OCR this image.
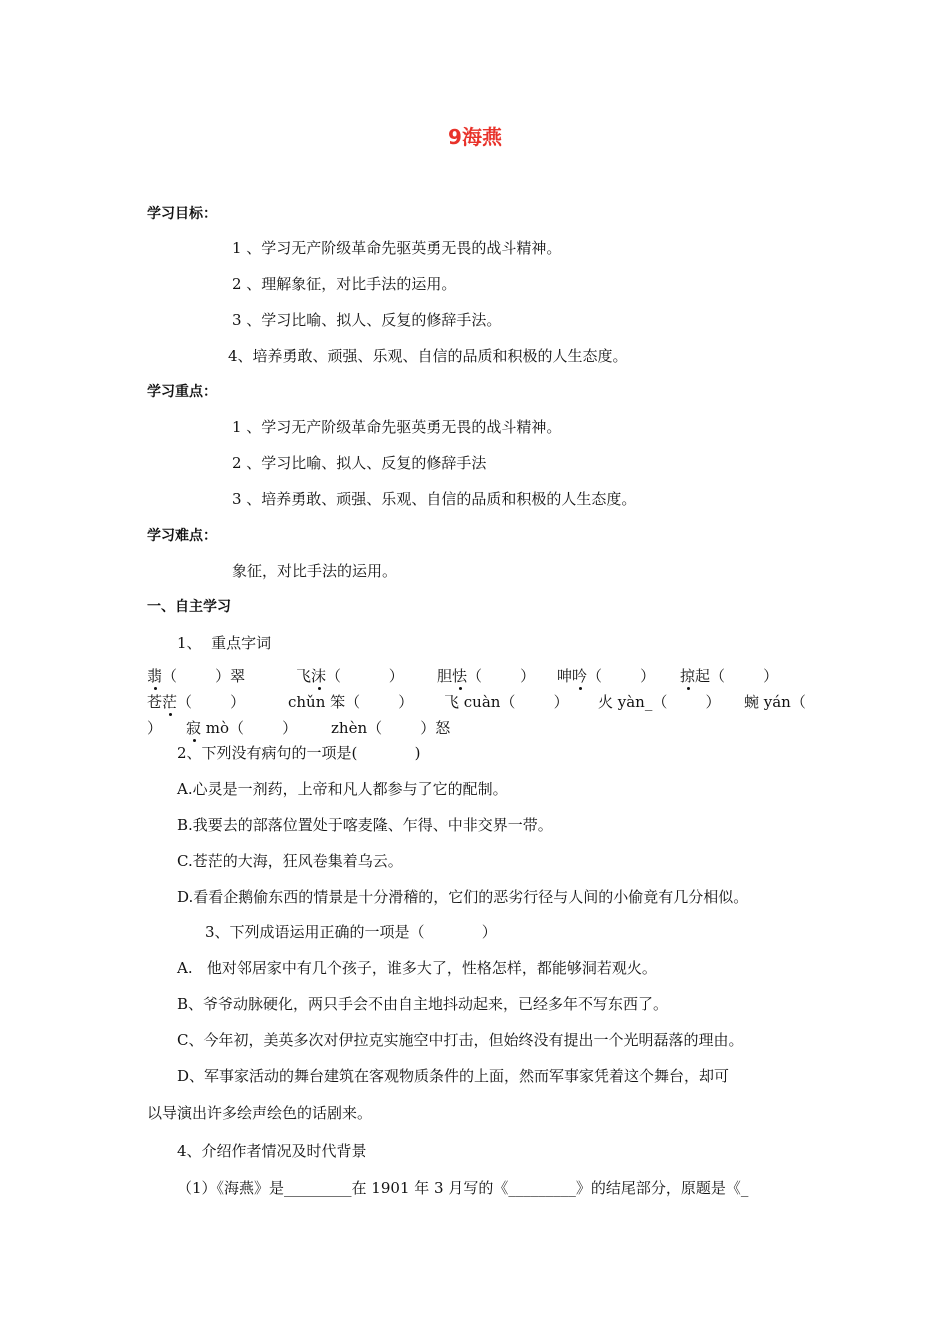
9海燕
学习目标：
1 、学习无产阶级革命先驱英勇无畏的战斗精神。
2 、理解象征，对比手法的运用。
3 、学习比喻、拟人、反复的修辞手法。
4、培养勇敢、顽强、乐观、自信的品质和积极的人生态度。
学习重点：
1 、学习无产阶级革命先驱英勇无畏的战斗精神。
2 、学习比喻、拟人、反复的修辞手法
3 、培养勇敢、顽强、乐观、自信的品质和积极的人生态度。
学习难点：
象征，对比手法的运用。
一、自主学习
1、  重点字词
翡（        ）翠	飞沫（          ） 胆怯（        ） 呻吟（        ） 掠起（        ）
苍茫（        ）	chǔn 笨（        ） 飞 cuàn（        ） 火 yàn_（        ） 蜿 yán（
） 寂 mò（        ） zhèn（        ）怒
2、下列没有病句的一项是(            )
A.心灵是一剂药，上帝和凡人都参与了它的配制。
B.我要去的部落位置处于喀麦隆、乍得、中非交界一带。
C.苍茫的大海，狂风卷集着乌云。
D.看看企鹅偷东西的情景是十分滑稽的，它们的恶劣行径与人间的小偷竟有几分相似。
3、下列成语运用正确的一项是（            ）
A.   他对邻居家中有几个孩子，谁多大了，性格怎样，都能够洞若观火。
B、爷爷动脉硬化，两只手会不由自主地抖动起来，已经多年不写东西了。
C、今年初，美英多次对伊拉克实施空中打击，但始终没有提出一个光明磊落的理由。
D、军事家活动的舞台建筑在客观物质条件的上面，然而军事家凭着这个舞台，却可
以导演出许多绘声绘色的话剧来。
4、介绍作者情况及时代背景
（1）《海燕》是_________在 1901 年 3 月写的《_________》的结尾部分，原题是《_
